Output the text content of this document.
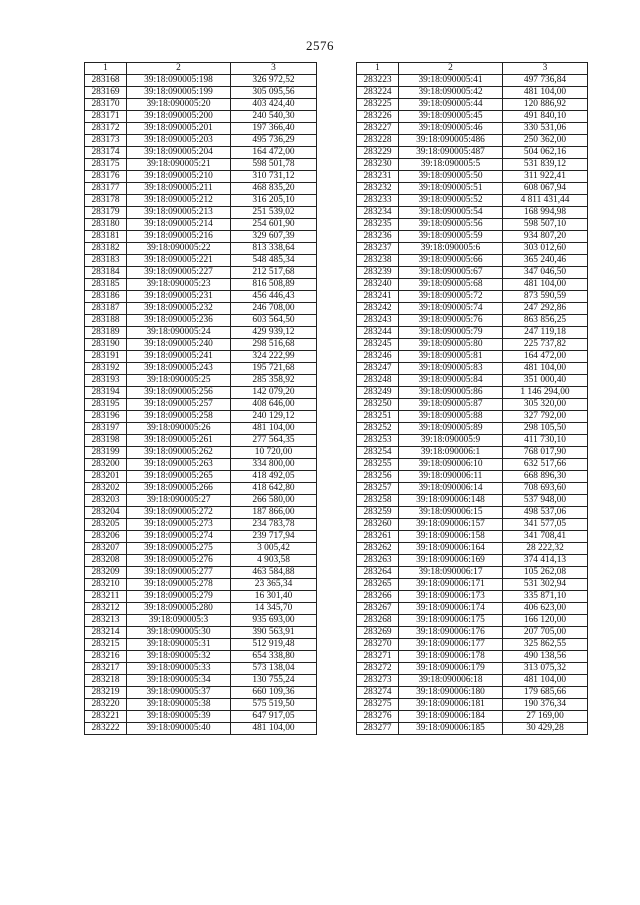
2576
1	2	3
283168	39:18:090005:198	326 972,52
283169	39:18:090005:199	305 095,56
283170	39:18:090005:20	403 424,40
283171	39:18:090005:200	240 540,30
283172	39:18:090005:201	197 366,40
283173	39:18:090005:203	495 736,29
283174	39:18:090005:204	164 472,00
283175	39:18:090005:21	598 501,78
283176	39:18:090005:210	310 731,12
283177	39:18:090005:211	468 835,20
283178	39:18:090005:212	316 205,10
283179	39:18:090005:213	251 539,02
283180	39:18:090005:214	254 601,90
283181	39:18:090005:216	329 607,39
283182	39:18:090005:22	813 338,64
283183	39:18:090005:221	548 485,34
283184	39:18:090005:227	212 517,68
283185	39:18:090005:23	816 508,89
283186	39:18:090005:231	456 446,43
283187	39:18:090005:232	246 708,00
283188	39:18:090005:236	603 564,50
283189	39:18:090005:24	429 939,12
283190	39:18:090005:240	298 516,68
283191	39:18:090005:241	324 222,99
283192	39:18:090005:243	195 721,68
283193	39:18:090005:25	285 358,92
283194	39:18:090005:256	142 079,20
283195	39:18:090005:257	408 646,00
283196	39:18:090005:258	240 129,12
283197	39:18:090005:26	481 104,00
283198	39:18:090005:261	277 564,35
283199	39:18:090005:262	10 720,00
283200	39:18:090005:263	334 800,00
283201	39:18:090005:265	418 492,05
283202	39:18:090005:266	418 642,80
283203	39:18:090005:27	266 580,00
283204	39:18:090005:272	187 866,00
283205	39:18:090005:273	234 783,78
283206	39:18:090005:274	239 717,94
283207	39:18:090005:275	3 005,42
283208	39:18:090005:276	4 903,58
283209	39:18:090005:277	463 584,88
283210	39:18:090005:278	23 365,34
283211	39:18:090005:279	16 301,40
283212	39:18:090005:280	14 345,70
283213	39:18:090005:3	935 693,00
283214	39:18:090005:30	390 563,91
283215	39:18:090005:31	512 919,48
283216	39:18:090005:32	654 338,80
283217	39:18:090005:33	573 138,04
283218	39:18:090005:34	130 755,24
283219	39:18:090005:37	660 109,36
283220	39:18:090005:38	575 519,50
283221	39:18:090005:39	647 917,05
283222	39:18:090005:40	481 104,00
1	2	3
283223	39:18:090005:41	497 736,84
283224	39:18:090005:42	481 104,00
283225	39:18:090005:44	120 886,92
283226	39:18:090005:45	491 840,10
283227	39:18:090005:46	330 531,06
283228	39:18:090005:486	250 362,00
283229	39:18:090005:487	504 062,16
283230	39:18:090005:5	531 839,12
283231	39:18:090005:50	311 922,41
283232	39:18:090005:51	608 067,94
283233	39:18:090005:52	4 811 431,44
283234	39:18:090005:54	168 994,98
283235	39:18:090005:56	598 507,10
283236	39:18:090005:59	934 807,20
283237	39:18:090005:6	303 012,60
283238	39:18:090005:66	365 240,46
283239	39:18:090005:67	347 046,50
283240	39:18:090005:68	481 104,00
283241	39:18:090005:72	873 590,59
283242	39:18:090005:74	247 292,86
283243	39:18:090005:76	863 856,25
283244	39:18:090005:79	247 119,18
283245	39:18:090005:80	225 737,82
283246	39:18:090005:81	164 472,00
283247	39:18:090005:83	481 104,00
283248	39:18:090005:84	351 000,40
283249	39:18:090005:86	1 146 294,00
283250	39:18:090005:87	305 320,00
283251	39:18:090005:88	327 792,00
283252	39:18:090005:89	298 105,50
283253	39:18:090005:9	411 730,10
283254	39:18:090006:1	768 017,90
283255	39:18:090006:10	632 517,66
283256	39:18:090006:11	668 896,30
283257	39:18:090006:14	708 693,60
283258	39:18:090006:148	537 948,00
283259	39:18:090006:15	498 537,06
283260	39:18:090006:157	341 577,05
283261	39:18:090006:158	341 708,41
283262	39:18:090006:164	28 222,32
283263	39:18:090006:169	374 414,13
283264	39:18:090006:17	105 262,08
283265	39:18:090006:171	531 302,94
283266	39:18:090006:173	335 871,10
283267	39:18:090006:174	406 623,00
283268	39:18:090006:175	166 120,00
283269	39:18:090006:176	207 705,00
283270	39:18:090006:177	325 862,55
283271	39:18:090006:178	490 138,56
283272	39:18:090006:179	313 075,32
283273	39:18:090006:18	481 104,00
283274	39:18:090006:180	179 685,66
283275	39:18:090006:181	190 376,34
283276	39:18:090006:184	27 169,00
283277	39:18:090006:185	30 429,28
